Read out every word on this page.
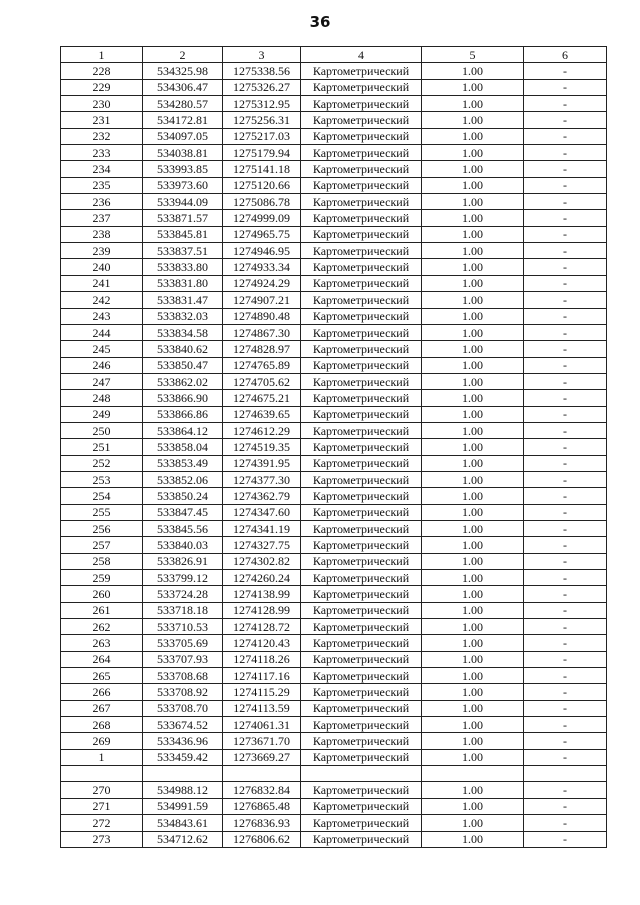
36
1	2	3	4	5	6
228	534325.98	1275338.56	Картометрический	1.00	-
229	534306.47	1275326.27	Картометрический	1.00	-
230	534280.57	1275312.95	Картометрический	1.00	-
231	534172.81	1275256.31	Картометрический	1.00	-
232	534097.05	1275217.03	Картометрический	1.00	-
233	534038.81	1275179.94	Картометрический	1.00	-
234	533993.85	1275141.18	Картометрический	1.00	-
235	533973.60	1275120.66	Картометрический	1.00	-
236	533944.09	1275086.78	Картометрический	1.00	-
237	533871.57	1274999.09	Картометрический	1.00	-
238	533845.81	1274965.75	Картометрический	1.00	-
239	533837.51	1274946.95	Картометрический	1.00	-
240	533833.80	1274933.34	Картометрический	1.00	-
241	533831.80	1274924.29	Картометрический	1.00	-
242	533831.47	1274907.21	Картометрический	1.00	-
243	533832.03	1274890.48	Картометрический	1.00	-
244	533834.58	1274867.30	Картометрический	1.00	-
245	533840.62	1274828.97	Картометрический	1.00	-
246	533850.47	1274765.89	Картометрический	1.00	-
247	533862.02	1274705.62	Картометрический	1.00	-
248	533866.90	1274675.21	Картометрический	1.00	-
249	533866.86	1274639.65	Картометрический	1.00	-
250	533864.12	1274612.29	Картометрический	1.00	-
251	533858.04	1274519.35	Картометрический	1.00	-
252	533853.49	1274391.95	Картометрический	1.00	-
253	533852.06	1274377.30	Картометрический	1.00	-
254	533850.24	1274362.79	Картометрический	1.00	-
255	533847.45	1274347.60	Картометрический	1.00	-
256	533845.56	1274341.19	Картометрический	1.00	-
257	533840.03	1274327.75	Картометрический	1.00	-
258	533826.91	1274302.82	Картометрический	1.00	-
259	533799.12	1274260.24	Картометрический	1.00	-
260	533724.28	1274138.99	Картометрический	1.00	-
261	533718.18	1274128.99	Картометрический	1.00	-
262	533710.53	1274128.72	Картометрический	1.00	-
263	533705.69	1274120.43	Картометрический	1.00	-
264	533707.93	1274118.26	Картометрический	1.00	-
265	533708.68	1274117.16	Картометрический	1.00	-
266	533708.92	1274115.29	Картометрический	1.00	-
267	533708.70	1274113.59	Картометрический	1.00	-
268	533674.52	1274061.31	Картометрический	1.00	-
269	533436.96	1273671.70	Картометрический	1.00	-
1	533459.42	1273669.27	Картометрический	1.00	-

270	534988.12	1276832.84	Картометрический	1.00	-
271	534991.59	1276865.48	Картометрический	1.00	-
272	534843.61	1276836.93	Картометрический	1.00	-
273	534712.62	1276806.62	Картометрический	1.00	-
